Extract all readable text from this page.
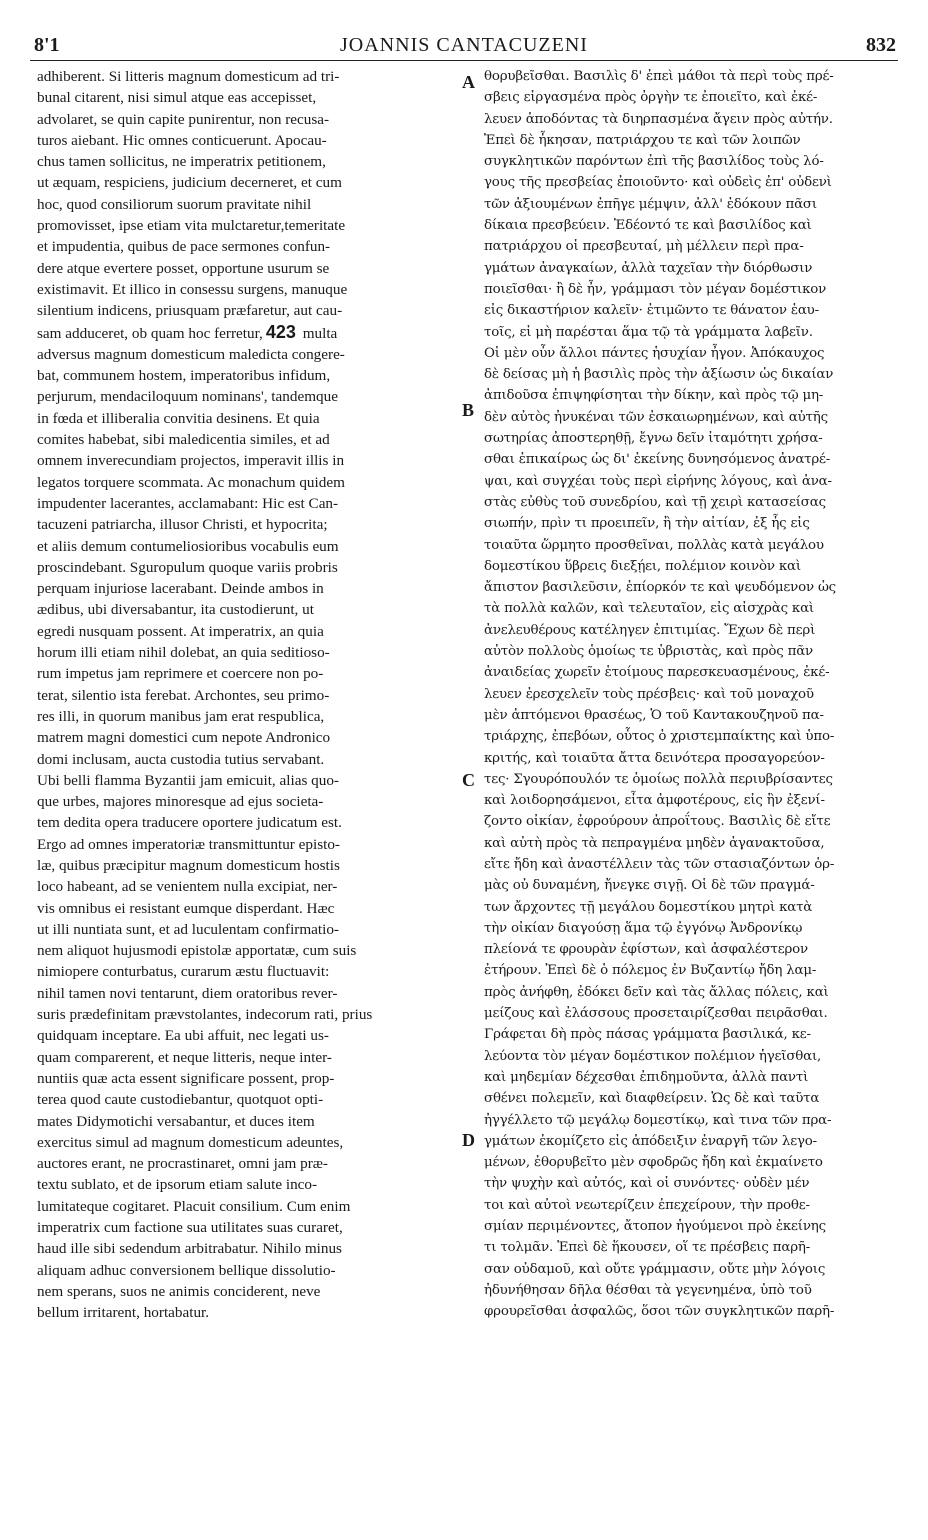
8'1	JOANNIS CANTACUZENI	832
adhiberent. Si litteris magnum domesticum ad tri-
bunal citarent, nisi simul atque eas accepisset,
advolaret, se quin capite punirentur, non recusa-
turos aiebant. Hic omnes conticuerunt. Apocau-
chus tamen sollicitus, ne imperatrix petitionem,
ut æquam, respiciens, judicium decerneret, et cum
hoc, quod consiliorum suorum pravitate nihil
promovisset, ipse etiam vita mulctaretur,temeritate
et impudentia, quibus de pace sermones confun-
dere atque evertere posset, opportune usurum se
existimavit. Et illico in consessu surgens, manuque
silentium indicens, priusquam præfaretur, aut cau-
sam adduceret, ob quam hoc ferretur, 423 multa
adversus magnum domesticum maledicta congere-
bat, communem hostem, imperatoribus infidum,
perjurum, mendaciloquum nominans', tandemque
in fœda et illiberalia convitia desinens. Et quia
comites habebat, sibi maledicentia similes, et ad
omnem inverecundiam projectos, imperavit illis in
legatos torquere scommata. Ac monachum quidem
impudenter lacerantes, acclamabant: Hic est Can-
tacuzeni patriarcha, illusor Christi, et hypocrita;
et aliis demum contumeliosioribus vocabulis eum
proscindebant. Sguropulum quoque variis probris
perquam injuriose lacerabant. Deinde ambos in
ædibus, ubi diversabantur, ita custodierunt, ut
egredi nusquam possent. At imperatrix, an quia
horum illi etiam nihil dolebat, an quia seditioso-
rum impetus jam reprimere et coercere non po-
terat, silentio ista ferebat. Archontes, seu primo-
res illi, in quorum manibus jam erat respublica,
matrem magni domestici cum nepote Andronico
domi inclusam, aucta custodia tutius servabant.
Ubi belli flamma Byzantii jam emicuit, alias quo-
que urbes, majores minoresque ad ejus societa-
tem dedita opera traducere oportere judicatum est.
Ergo ad omnes imperatoriæ transmittuntur episto-
læ, quibus præcipitur magnum domesticum hostis
loco habeant, ad se venientem nulla excipiat, ner-
vis omnibus ei resistant eumque disperdant. Hæc
ut illi nuntiata sunt, et ad luculentam confirmatio-
nem aliquot hujusmodi epistolæ apportatæ, cum suis
nimiopere conturbatus, curarum æstu fluctuavit:
nihil tamen novi tentarunt, diem oratoribus rever-
suris prædefinitam prævstolantes, indecorum rati, prius
quidquam inceptare. Ea ubi affuit, nec legati us-
quam comparerent, et neque litteris, neque inter-
nuntiis quæ acta essent significare possent, prop-
terea quod caute custodiebantur, quotquot opti-
mates Didymotichi versabantur, et duces item
exercitus simul ad magnum domesticum adeuntes,
auctores erant, ne procrastinaret, omni jam præ-
textu sublato, et de ipsorum etiam salute inco-
lumitateque cogitaret. Placuit consilium. Cum enim
imperatrix cum factione sua utilitates suas curaret,
haud ille sibi sedendum arbitrabatur. Nihilo minus
aliquam adhuc conversionem bellique dissolutio-
nem sperans, suos ne animis conciderent, neve
bellum irritarent, hortabatur.
θορυβεῖσθαι. Βασιλὶς δ' ἐπεὶ μάθοι τὰ περὶ τοὺς πρέ-
σβεις εἰργασμένα πρὸς ὀργὴν τε ἐποιεῖτο, καὶ ἐκέ-
λευεν ἀποδόντας τὰ διηρπασμένα ἄγειν πρὸς αὐτήν.
Ἐπεὶ δὲ ἧκησαν, πατριάρχου τε καὶ τῶν λοιπῶν
συγκλητικῶν παρόντων ἐπὶ τῆς βασιλίδος τοὺς λό-
γους τῆς πρεσβείας ἐποιοῦντο· καὶ οὐδεὶς ἐπ' οὐδενὶ
τῶν ἀξιουμένων ἐπῆγε μέμψιν, ἀλλ' ἐδόκουν πᾶσι
δίκαια πρεσβεύειν. Ἐδέοντό τε καὶ βασιλίδος καὶ
πατριάρχου οἱ πρεσβευταί, μὴ μέλλειν περὶ πρα-
γμάτων ἀναγκαίων, ἀλλὰ ταχεῖαν τὴν διόρθωσιν
ποιεῖσθαι· ἢ δὲ ἦν, γράμμασι τὸν μέγαν δομέστικον
εἰς δικαστήριον καλεῖν· ἐτιμῶντο τε θάνατον ἑαυ-
τοῖς, εἰ μὴ παρέσται ἅμα τῷ τὰ γράμματα λαβεῖν.
Οἱ μὲν οὖν ἄλλοι πάντες ἡσυχίαν ἦγον. Ἀπόκαυχος
δὲ δείσας μὴ ἡ βασιλὶς πρὸς τὴν ἀξίωσιν ὡς δικαίαν
ἀπιδοῦσα ἐπιψηφίσηται τὴν δίκην, καὶ πρὸς τῷ μη-
δὲν αὐτὸς ἠνυκέναι τῶν ἐσκαιωρημένων, καὶ αὐτῆς
σωτηρίας ἀποστερηθῇ, ἔγνω δεῖν ἰταμότητι χρήσα-
σθαι ἐπικαίρως ὡς δι' ἐκείνης δυνησόμενος ἀνατρέ-
ψαι, καὶ συγχέαι τοὺς περὶ εἰρήνης λόγους, καὶ ἀνα-
στὰς εὐθὺς τοῦ συνεδρίου, καὶ τῇ χειρὶ κατασείσας
σιωπήν, πρὶν τι προειπεῖν, ἢ τὴν αἰτίαν, ἐξ ἧς εἰς
τοιαῦτα ὥρμητο προσθεῖναι, πολλὰς κατὰ μεγάλου
δομεστίκου ὕβρεις διεξῄει, πολέμιον κοινὸν καὶ
ἄπιστον βασιλεῦσιν, ἐπίορκόν τε καὶ ψευδόμενον ὡς
τὰ πολλὰ καλῶν, καὶ τελευταῖον, εἰς αἰσχρὰς καὶ
ἀνελευθέρους κατέληγεν ἐπιτιμίας. Ἔχων δὲ περὶ
αὐτὸν πολλοὺς ὁμοίως τε ὑβριστὰς, καὶ πρὸς πᾶν
ἀναιδείας χωρεῖν ἑτοίμους παρεσκευασμένους, ἐκέ-
λευεν ἐρεσχελεῖν τοὺς πρέσβεις· καὶ τοῦ μοναχοῦ
μὲν ἀπτόμενοι θρασέως, Ὁ τοῦ Καντακουζηνοῦ πα-
τριάρχης, ἐπεβόων, οὗτος ὁ χριστεμπαίκτης καὶ ὑπο-
κριτής, καὶ τοιαῦτα ἄττα δεινότερα προσαγορεύον-
τες· Σγουρόπουλόν τε ὁμοίως πολλὰ περιυβρίσαντες
καὶ λοιδορησάμενοι, εἶτα ἀμφοτέρους, εἰς ἣν ἐξενί-
ζοντο οἰκίαν, ἐφρούρουν ἀπροΐτους. Βασιλὶς δὲ εἴτε
καὶ αὐτὴ πρὸς τὰ πεπραγμένα μηδὲν ἀγανακτοῦσα,
εἴτε ἤδη καὶ ἀναστέλλειν τὰς τῶν στασιαζόντων ὁρ-
μὰς οὐ δυναμένη, ἤνεγκε σιγῇ. Οἱ δὲ τῶν πραγμά-
των ἄρχοντες τῇ μεγάλου δομεστίκου μητρὶ κατὰ
τὴν οἰκίαν διαγούσῃ ἅμα τῷ ἐγγόνῳ Ἀνδρονίκῳ
πλείονά τε φρουρὰν ἐφίστων, καὶ ἀσφαλέστερον
ἐτήρουν. Ἐπεὶ δὲ ὁ πόλεμος ἐν Βυζαντίῳ ἤδη λαμ-
πρὸς ἀνήφθη, ἐδόκει δεῖν καὶ τὰς ἄλλας πόλεις, καὶ
μείζους καὶ ἐλάσσους προσεταιρίζεσθαι πειρᾶσθαι.
Γράφεται δὴ πρὸς πάσας γράμματα βασιλικά, κε-
λεύοντα τὸν μέγαν δομέστικον πολέμιον ἡγεῖσθαι,
καὶ μηδεμίαν δέχεσθαι ἐπιδημοῦντα, ἀλλὰ παντὶ
σθένει πολεμεῖν, καὶ διαφθείρειν. Ὡς δὲ καὶ ταῦτα
ἠγγέλλετο τῷ μεγάλῳ δομεστίκῳ, καὶ τινα τῶν πρα-
γμάτων ἐκομίζετο εἰς ἀπόδειξιν ἐναργῆ τῶν λεγο-
μένων, ἐθορυβεῖτο μὲν σφοδρῶς ἤδη καὶ ἐκμαίνετο
τὴν ψυχὴν καὶ αὐτός, καὶ οἱ συνόντες· οὐδὲν μέν
τοι καὶ αὐτοὶ νεωτερίζειν ἐπεχείρουν, τὴν προθε-
σμίαν περιμένοντες, ἄτοπον ἡγούμενοι πρὸ ἐκείνης
τι τολμᾶν. Ἐπεὶ δὲ ἥκουσεν, οἵ τε πρέσβεις παρῆ-
σαν οὐδαμοῦ, καὶ οὔτε γράμμασιν, οὔτε μὴν λόγοις
ἠδυνήθησαν δῆλα θέσθαι τὰ γεγενημένα, ὑπὸ τοῦ
φρουρεῖσθαι ἀσφαλῶς, ὅσοι τῶν συγκλητικῶν παρῆ-
A
B
C
D
